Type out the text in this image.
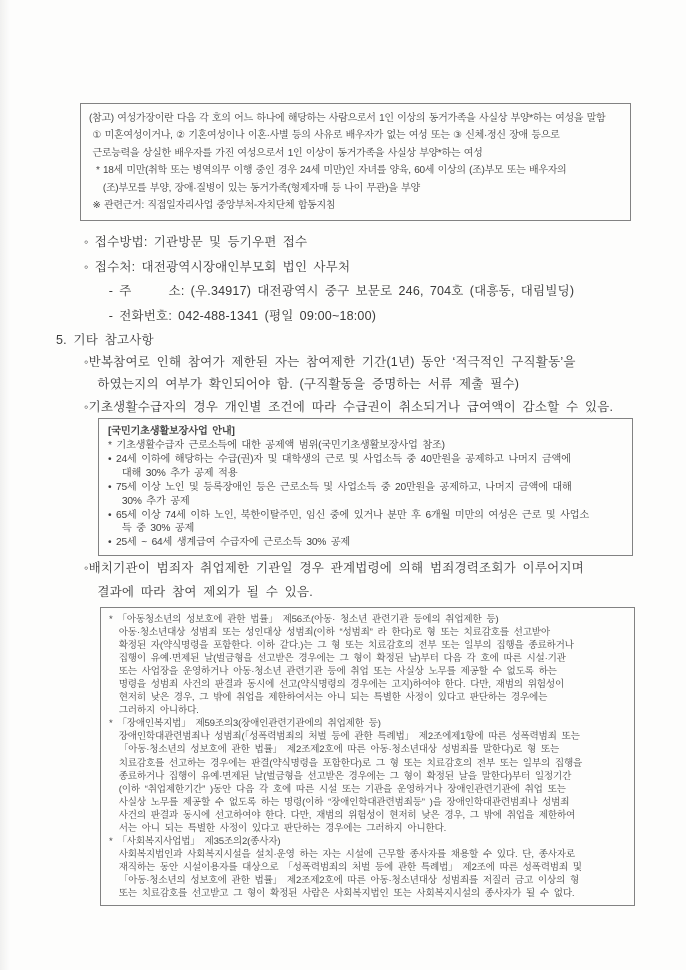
(참고) 여성가장이란 다음 각 호의 어느 하나에 해당하는 사람으로서 1인 이상의 동거가족을 사실상 부양*하는 여성을 말함
① 미혼여성이거나, ② 기혼여성이나 이혼·사별 등의 사유로 배우자가 없는 여성 또는 ③ 신체·정신 장애 등으로
근로능력을 상실한 배우자를 가진 여성으로서 1인 이상이 동거가족을 사실상 부양*하는 여성
* 18세 미만(취학 또는 병역의무 이행 중인 경우 24세 미만)인 자녀를 양육, 60세 이상의 (조)부모 또는 배우자의
(조)부모를 부양, 장애·질병이 있는 동거가족(형제자매 등 나이 무관)을 부양
※ 관련근거: 직접일자리사업 중앙부처-자치단체 합동지침
◦ 접수방법: 기관방문 및 등기우편 접수
◦ 접수처: 대전광역시장애인부모회 법인 사무처
- 주      소: (우.34917) 대전광역시 중구 보문로 246, 704호 (대흥동, 대림빌딩)
- 전화번호: 042-488-1341 (평일 09:00~18:00)
5. 기타 참고사항
◦반복참여로 인해 참여가 제한된 자는 참여제한 기간(1년) 동안 ‘적극적인 구직활동’을
하였는지의 여부가 확인되어야 함. (구직활동을 증명하는 서류 제출 필수)
◦기초생활수급자의 경우 개인별 조건에 따라 수급권이 취소되거나 급여액이 감소할 수 있음.
[국민기초생활보장사업 안내]
* 기초생활수급자 근로소득에 대한 공제액 범위(국민기초생활보장사업 참조)
• 24세 이하에 해당하는 수급(권)자 및 대학생의 근로 및 사업소득 중 40만원을 공제하고 나머지 금액에
대해 30% 추가 공제 적용
• 75세 이상 노인 및 등록장애인 등은 근로소득 및 사업소득 중 20만원을 공제하고, 나머지 금액에 대해
30% 추가 공제
• 65세 이상 74세 이하 노인, 북한이탈주민, 임신 중에 있거나 분만 후 6개월 미만의 여성은 근로 및 사업소
득 중 30% 공제
• 25세 ~ 64세 생계급여 수급자에 근로소득 30% 공제
◦배치기관이 범죄자 취업제한 기관일 경우 관계법령에 의해 범죄경력조회가 이루어지며
결과에 따라 참여 제외가 될 수 있음.
* 「아동청소년의 성보호에 관한 법률」 제56조(아동· 청소년 관련기관 등에의 취업제한 등)
아동·청소년대상 성범죄 또는 성인대상 성범죄(이하 “성범죄” 라 한다)로 형 또는 치료감호를 선고받아
확정된 자(약식명령을 포함한다. 이하 같다.)는 그 형 또는 치료감호의 전부 또는 일부의 집행을 종료하거나
집행이 유예·면제된 날(벌금형을 선고받은 경우에는 그 형이 확정된 날)부터 다음 각 호에 따른 시설·기관
또는 사업장을 운영하거나 아동·청소년 관련기관 등에 취업 또는 사실상 노무를 제공할 수 없도록 하는
명령을 성범죄 사건의 판결과 동시에 선고(약식명령의 경우에는 고지)하여야 한다. 다만, 재범의 위험성이
현저히 낮은 경우, 그 밖에 취업을 제한하여서는 아니 되는 특별한 사정이 있다고 판단하는 경우에는
그러하지 아니하다.
* 「장애인복지법」 제59조의3(장애인관련기관에의 취업제한 등)
장애인학대관련범죄나 성범죄(「성폭력범죄의 처벌 등에 관한 특례법」 제2조에제1항에 따른 성폭력범죄 또는
「아동·청소년의 성보호에 관한 법률」 제2조제2호에 따른 아동·청소년대상 성범죄를 말한다)로 형 또는
치료감호를 선고하는 경우에는 판결(약식명령을 포함한다)로 그 형 또는 치료감호의 전부 또는 일부의 집행을
종료하거나 집행이 유예·면제된 날(벌금형을 선고받은 경우에는 그 형이 확정된 날을 말한다)부터 일정기간
(이하 “취업제한기간” )동안 다음 각 호에 따른 시설 또는 기관을 운영하거나 장애인관련기관에 취업 또는
사실상 노무를 제공할 수 없도록 하는 명령(이하 “장애인학대관련범죄등” )을 장애인학대관련범죄나 성범죄
사건의 판결과 동시에 선고하여야 한다. 다만, 재범의 위험성이 현저히 낮은 경우, 그 밖에 취업을 제한하여
서는 아니 되는 특별한 사정이 있다고 판단하는 경우에는 그러하지 아니한다.
* 「사회복지사업법」 제35조의2(종사자)
사회복지법인과 사회복지시설을 설치·운영 하는 자는 시설에 근무할 종사자를 채용할 수 있다. 단, 종사자로
재직하는 동안 시설이용자를 대상으로 「성폭력범죄의 처벌 등에 관한 특례법」 제2조에 따른 성폭력범죄 및
「아동·청소년의 성보호에 관한 법률」 제2조제2호에 따른 아동·청소년대상 성범죄를 저질러 금고 이상의 형
또는 치료감호를 선고받고 그 형이 확정된 사람은 사회복지법인 또는 사회복지시설의 종사자가 될 수 없다.
